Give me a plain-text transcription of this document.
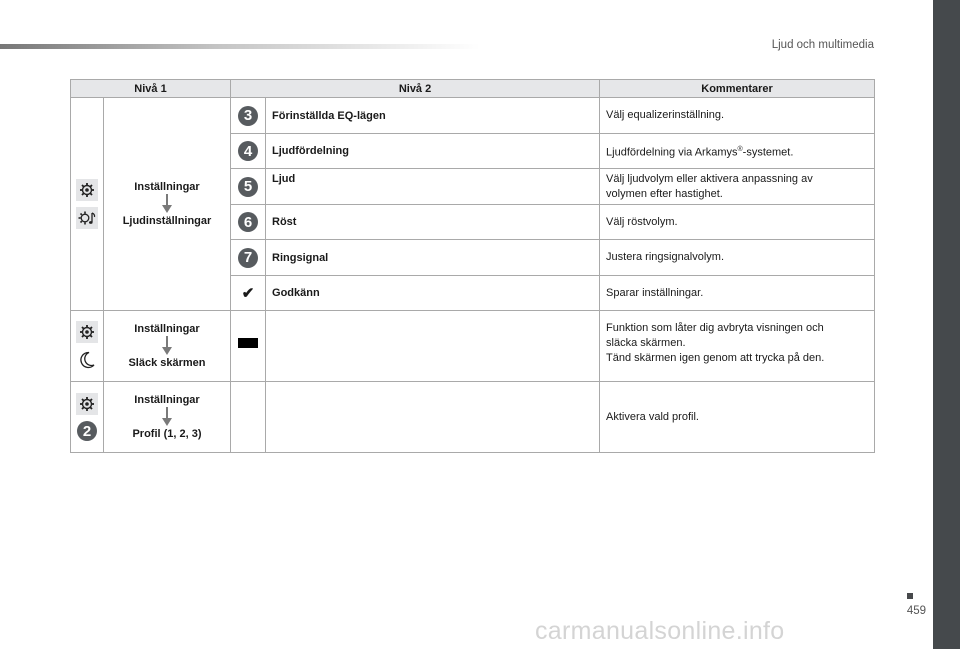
Ljud och multimedia
Nivå 1		Nivå 2		Kommentarer

Inställningar
Ljudinställningar	3	Förinställda EQ-lägen	Välj equalizerinställning.
		4	Ljudfördelning	Ljudfördelning via Arkamys®-systemet.
		5	Ljud	Välj ljudvolym eller aktivera anpassning av
volymen efter hastighet.

		6	Röst	Välj röstvolym.
		7	Ringsignal	Justera ringsignalvolym.
		✔	Godkänn	Sparar inställningar.

Inställningar
Släck skärmen			Funktion som låter dig avbryta visningen och
släcka skärmen.
Tänd skärmen igen genom att trycka på den.

2	Inställningar
Profil (1, 2, 3)			Aktivera vald profil.
459
carmanualsonline.info
